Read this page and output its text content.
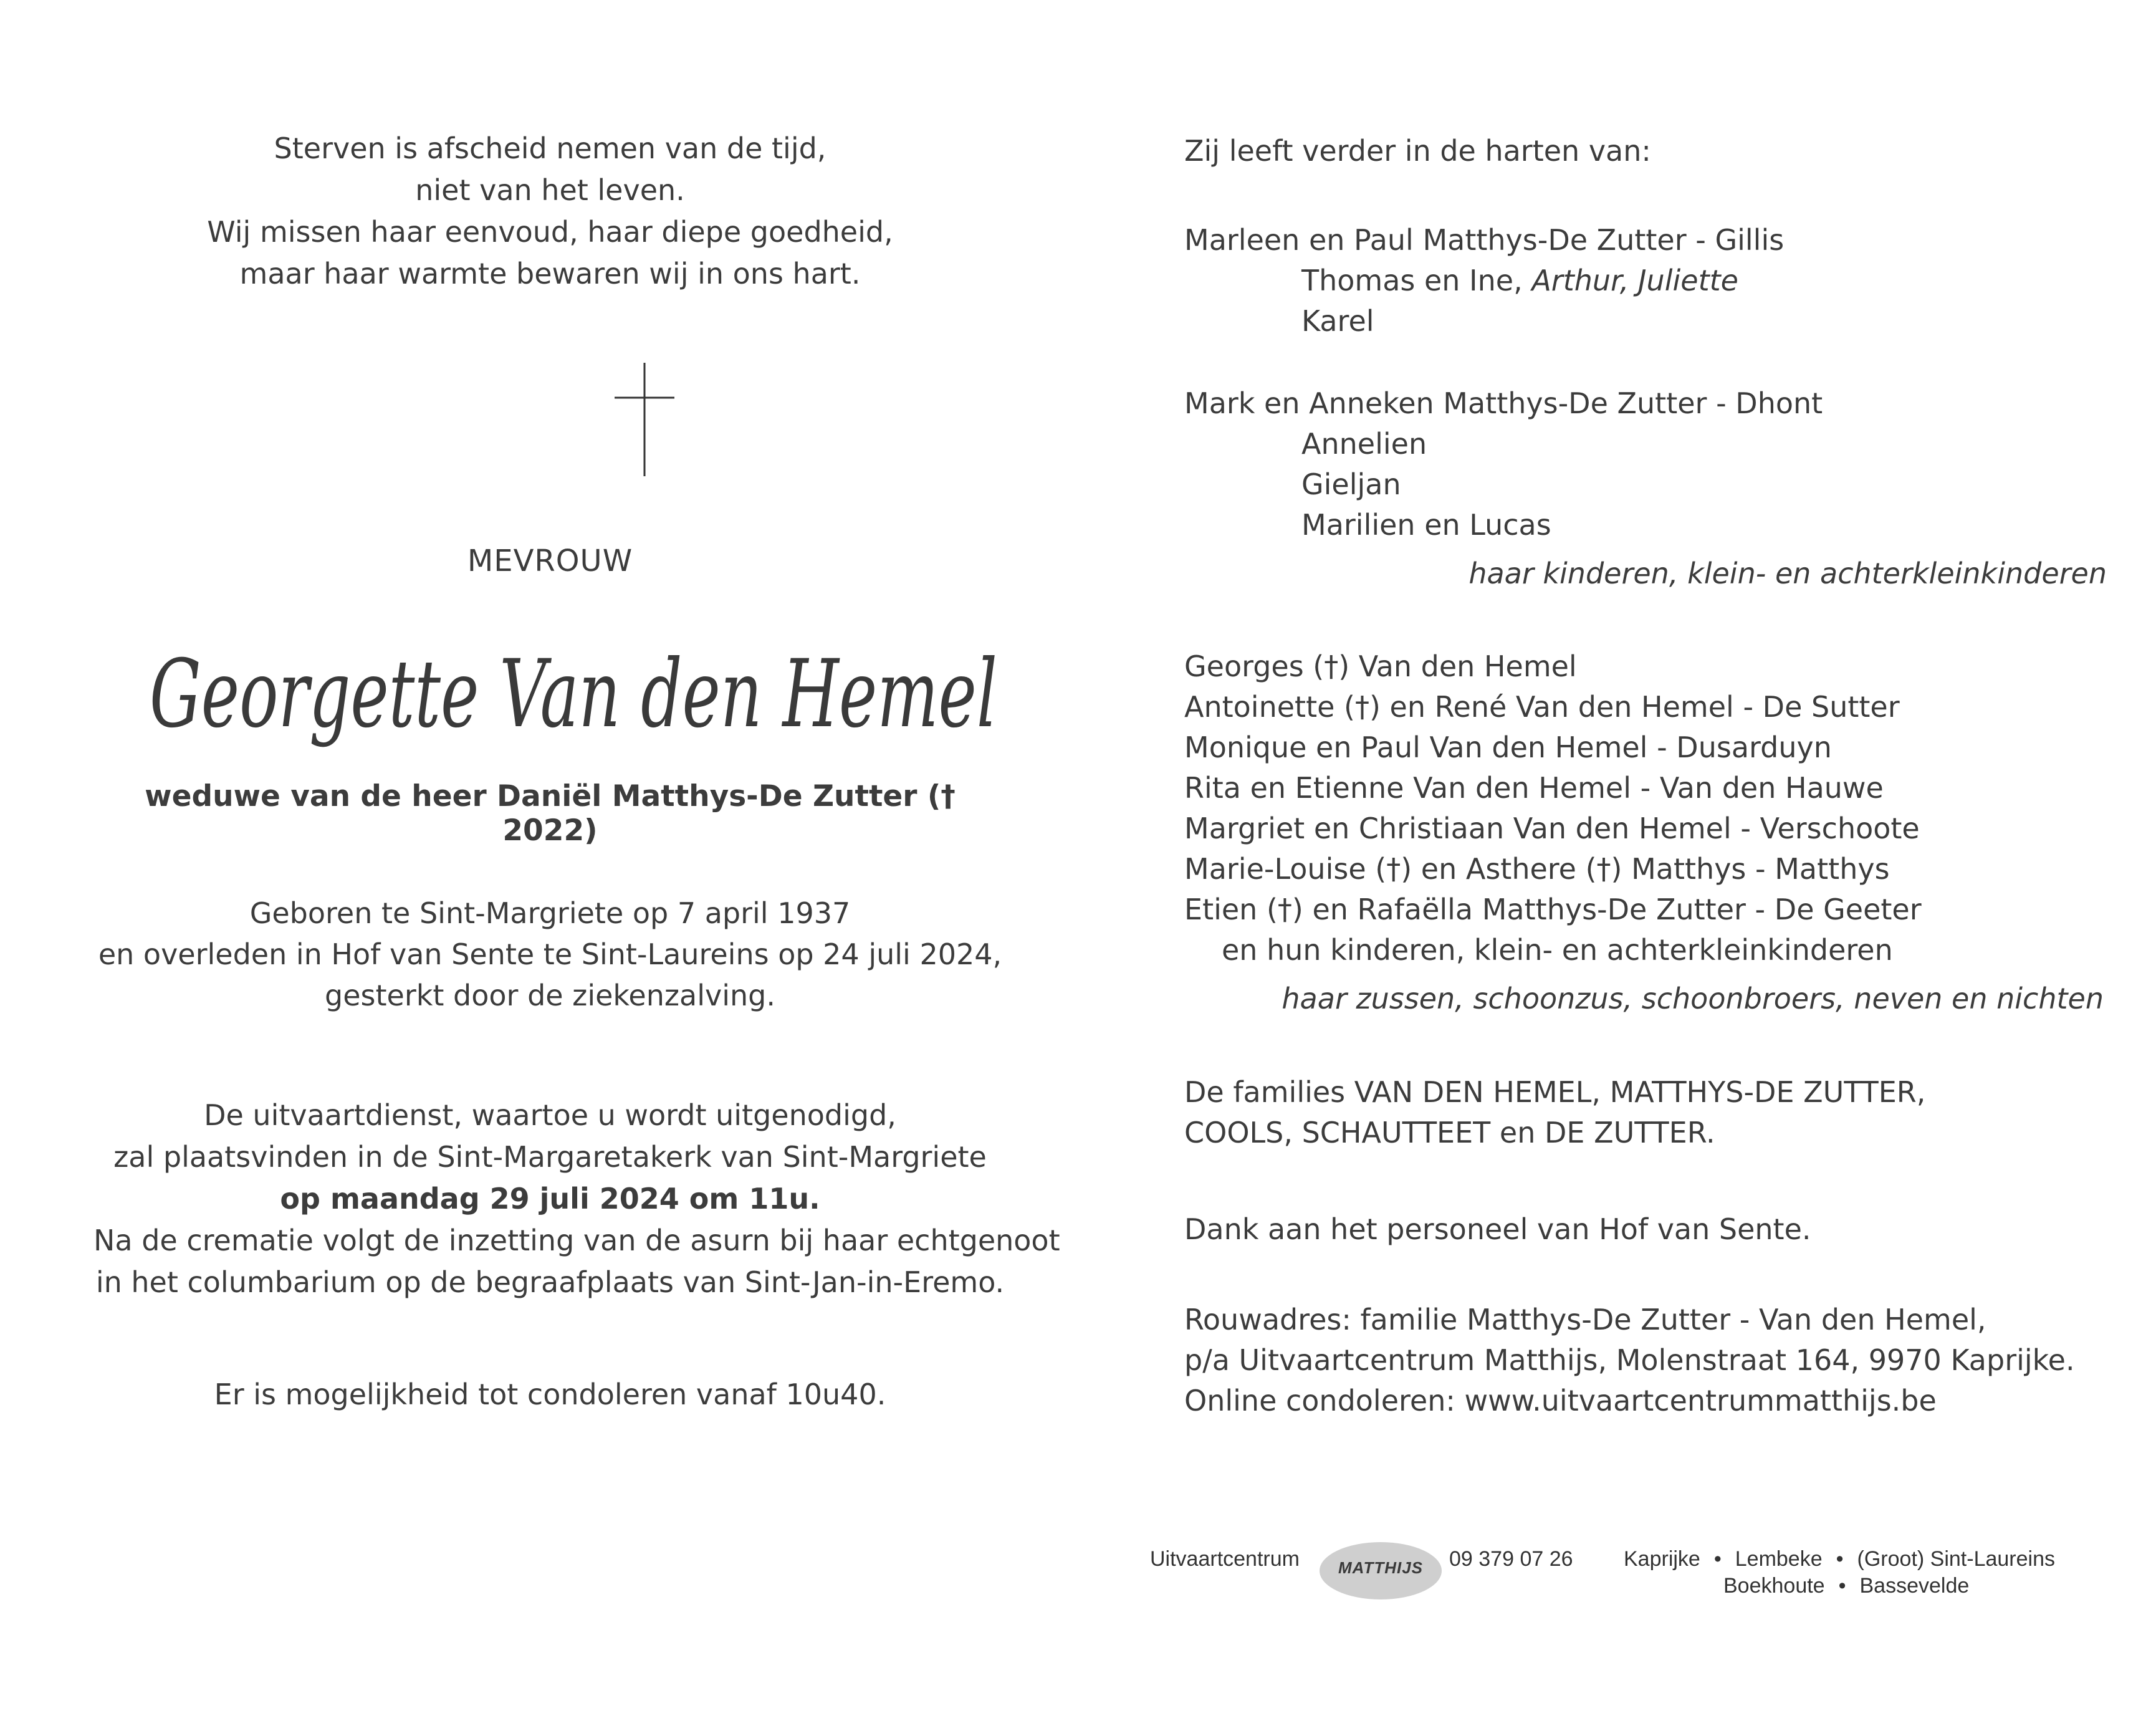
Sterven is afscheid nemen van de tijd,
niet van het leven.
Wij missen haar eenvoud, haar diepe goedheid,
maar haar warmte bewaren wij in ons hart.
MEVROUW
Georgette Van den Hemel
weduwe van de heer Daniël Matthys-De Zutter († 2022)
Geboren te Sint-Margriete op 7 april 1937
en overleden in Hof van Sente te Sint-Laureins op 24 juli 2024,
gesterkt door de ziekenzalving.
De uitvaartdienst, waartoe u wordt uitgenodigd,
zal plaatsvinden in de Sint-Margaretakerk van Sint-Margriete
op maandag 29 juli 2024 om 11u.
Na de crematie volgt de inzetting van de asurn bij haar echtgenoot
in het columbarium op de begraafplaats van Sint-Jan-in-Eremo.
Er is mogelijkheid tot condoleren vanaf 10u40.
Zij leeft verder in de harten van:
Marleen en Paul Matthys-De Zutter - Gillis
Thomas en Ine, Arthur, Juliette
Karel
Mark en Anneken Matthys-De Zutter - Dhont
Annelien
Gieljan
Marilien en Lucas
haar kinderen, klein- en achterkleinkinderen
Georges (†) Van den Hemel
Antoinette (†) en René Van den Hemel - De Sutter
Monique en Paul Van den Hemel - Dusarduyn
Rita en Etienne Van den Hemel - Van den Hauwe
Margriet en Christiaan Van den Hemel - Verschoote
Marie-Louise (†) en Asthere (†) Matthys - Matthys
Etien (†) en Rafaëlla Matthys-De Zutter - De Geeter
en hun kinderen, klein- en achterkleinkinderen
haar zussen, schoonzus, schoonbroers, neven en nichten
De families VAN DEN HEMEL, MATTHYS-DE ZUTTER,
COOLS, SCHAUTTEET en DE ZUTTER.
Dank aan het personeel van Hof van Sente.
Rouwadres: familie Matthys-De Zutter - Van den Hemel,
p/a Uitvaartcentrum Matthijs, Molenstraat 164, 9970 Kaprijke.
Online condoleren: www.uitvaartcentrummatthijs.be
Uitvaartcentrum	MATTHIJS	09 379 07 26 Kaprijke • Lembeke • (Groot) Sint-Laureins
Boekhoute • Bassevelde
